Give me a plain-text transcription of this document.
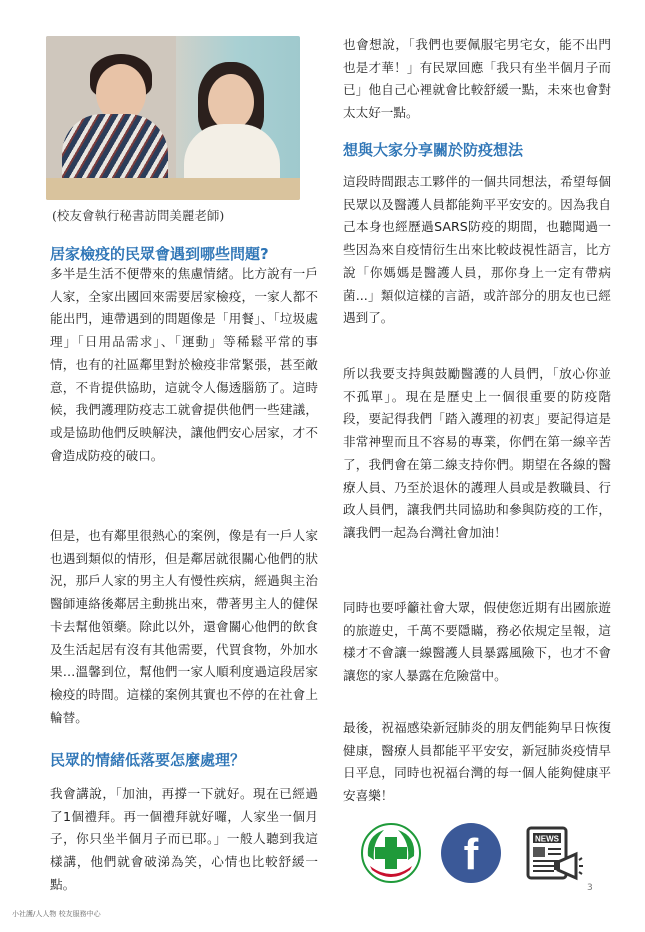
(校友會執行秘書訪問美麗老師)
居家檢疫的民眾會遇到哪些問題?

多半是生活不便帶來的焦慮情緒。比方說有一戶人家，全家出國回來需要居家檢疫，一家人都不能出門，連帶遇到的問題像是「用餐」、「垃圾處理」「日用品需求」、「運動」等稀鬆平常的事情，也有的社區鄰里對於檢疫非常緊張，甚至敵意，不肯提供協助，這就令人傷透腦筋了。這時候，我們護理防疫志工就會提供他們一些建議，或是協助他們反映解決，讓他們安心居家，才不會造成防疫的破口。

但是，也有鄰里很熱心的案例，像是有一戶人家也遇到類似的情形，但是鄰居就很關心他們的狀況，那戶人家的男主人有慢性疾病，經過與主治醫師連絡後鄰居主動挑出來，帶著男主人的健保卡去幫他領藥。除此以外，還會關心他們的飲食及生活起居有沒有其他需要，代買食物，外加水果…溫馨到位，幫他們一家人順利度過這段居家檢疫的時間。這樣的案例其實也不停的在社會上輪替。

民眾的情緒低落要怎麼處理？

我會講說，「加油，再撐一下就好。現在已經過了1個禮拜。再一個禮拜就好囉，人家坐一個月子，你只坐半個月子而已耶。」一般人聽到我這樣講，他們就會破涕為笑，心情也比較舒緩一點。

也會想說，「我們也要佩服宅男宅女，能不出門也是才華！」有民眾回應「我只有坐半個月子而已」他自己心裡就會比較舒緩一點，未來也會對太太好一點。

想與大家分享關於防疫想法

這段時間跟志工夥伴的一個共同想法，希望每個民眾以及醫護人員都能夠平平安安的。因為我自己本身也經歷過SARS防疫的期間，也聽聞過一些因為來自疫情衍生出來比較歧視性語言，比方說「你媽媽是醫護人員，那你身上一定有帶病菌...」類似這樣的言語，或許部分的朋友也已經遇到了。

所以我要支持與鼓勵醫護的人員們，「放心你並不孤單」。現在是歷史上一個很重要的防疫階段，要記得我們「踏入護理的初衷」要記得這是非常神聖而且不容易的專業，你們在第一線辛苦了，我們會在第二線支持你們。期望在各線的醫療人員、乃至於退休的護理人員或是教職員、行政人員們，讓我們共同協助和參與防疫的工作，讓我們一起為台灣社會加油！

同時也要呼籲社會大眾，假使您近期有出國旅遊的旅遊史，千萬不要隱瞞，務必依規定呈報，這樣才不會讓一線醫護人員暴露風險下，也才不會讓您的家人暴露在危險當中。

最後，祝福感染新冠肺炎的朋友們能夠早日恢復健康，醫療人員都能平平安安，新冠肺炎疫情早日平息，同時也祝福台灣的每一個人能夠健康平安喜樂！

f	NEWS
3
小社護/人人物 校友服務中心
